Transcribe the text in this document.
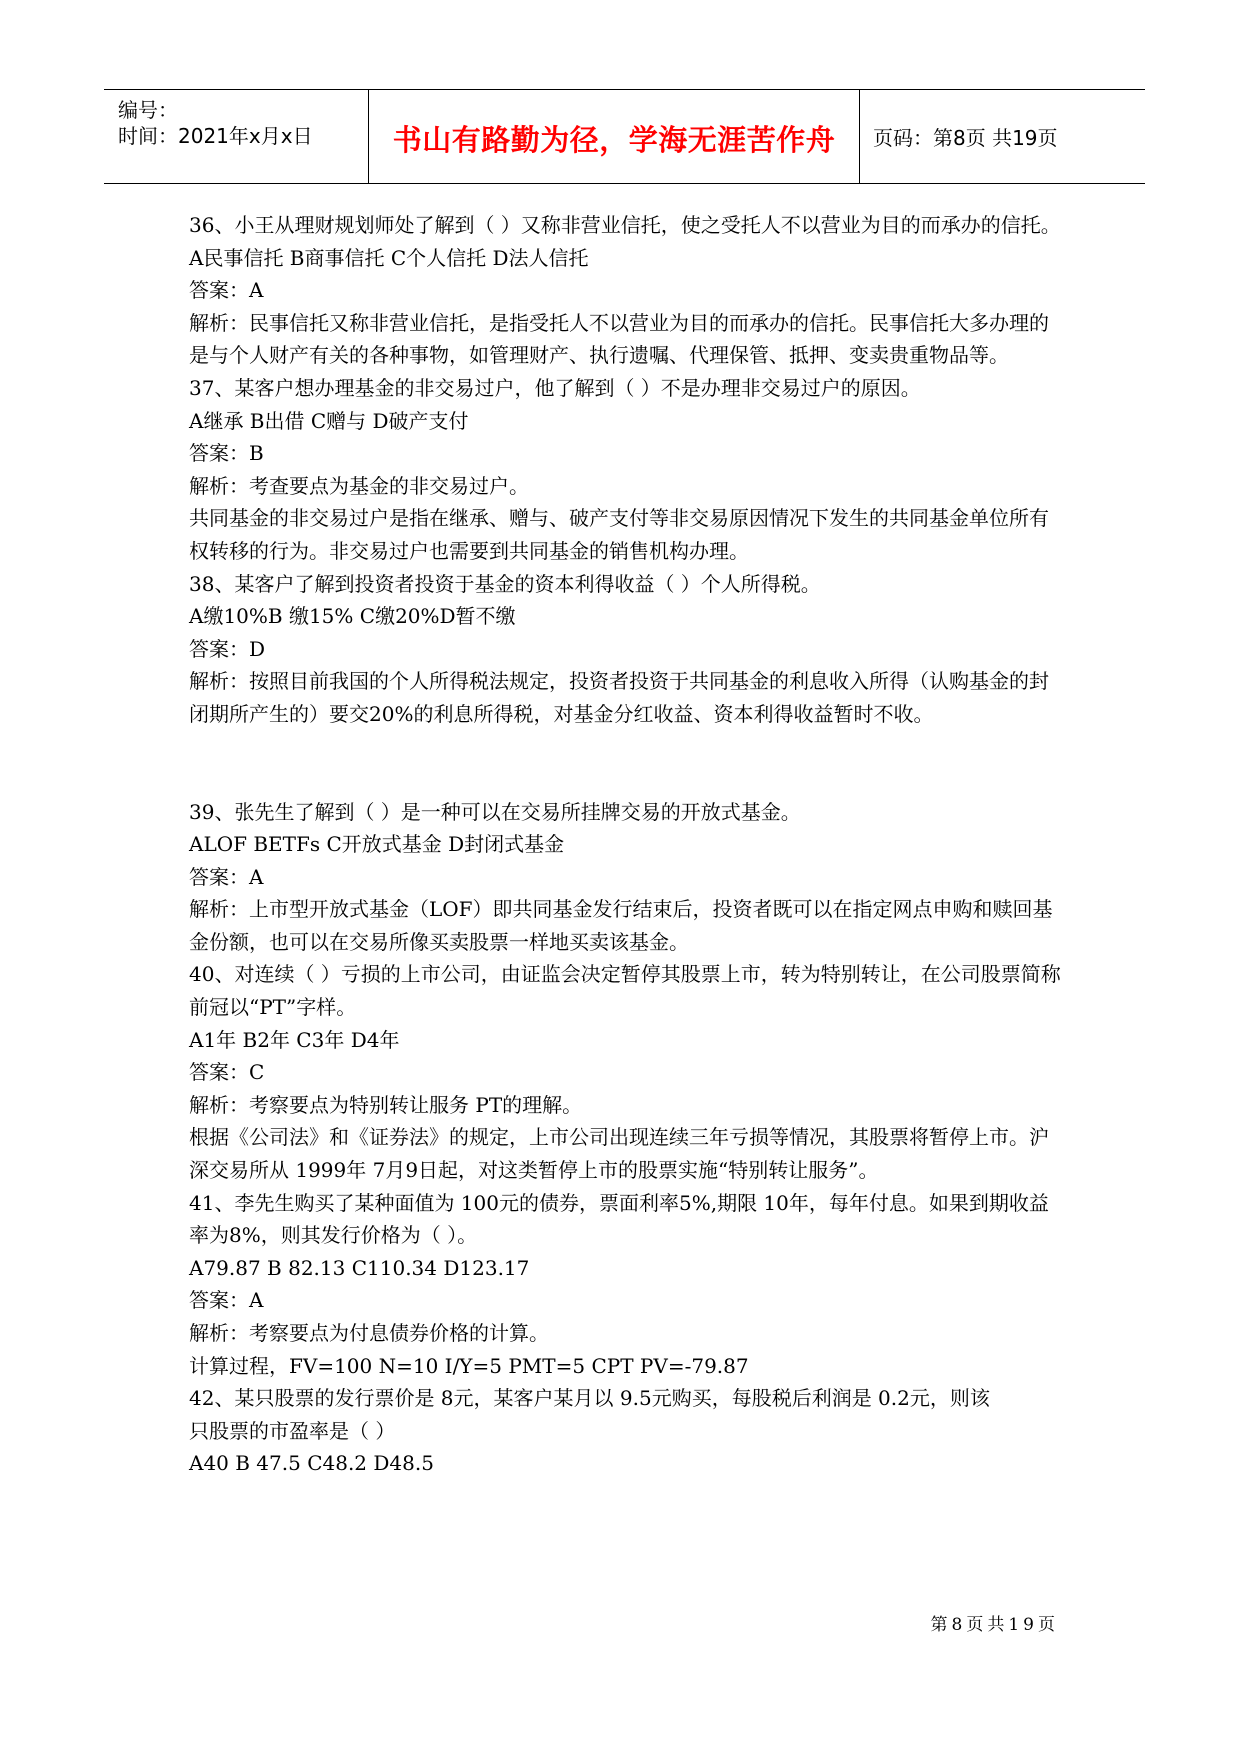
编号：
时间：2021年x月x日	书山有路勤为径，学海无涯苦作舟	页码：第8页 共19页

36、小王从理财规划师处了解到（ ）又称非营业信托，使之受托人不以营业为目的而承办的信托。

A民事信托 B商事信托 C个人信托 D法人信托

答案：A

解析：民事信托又称非营业信托，是指受托人不以营业为目的而承办的信托。民事信托大多办理的是与个人财产有关的各种事物，如管理财产、执行遗嘱、代理保管、抵押、变卖贵重物品等。

37、某客户想办理基金的非交易过户，他了解到（ ）不是办理非交易过户的原因。

A继承 B出借 C赠与 D破产支付

答案：B

解析：考查要点为基金的非交易过户。

共同基金的非交易过户是指在继承、赠与、破产支付等非交易原因情况下发生的共同基金单位所有权转移的行为。非交易过户也需要到共同基金的销售机构办理。

38、某客户了解到投资者投资于基金的资本利得收益（ ）个人所得税。

A缴10%B 缴15% C缴20%D暂不缴

答案：D

解析：按照目前我国的个人所得税法规定，投资者投资于共同基金的利息收入所得（认购基金的封闭期所产生的）要交20%的利息所得税，对基金分红收益、资本利得收益暂时不收。

39、张先生了解到（ ）是一种可以在交易所挂牌交易的开放式基金。

ALOF BETFs C开放式基金 D封闭式基金

答案：A

解析：上市型开放式基金（LOF）即共同基金发行结束后，投资者既可以在指定网点申购和赎回基金份额，也可以在交易所像买卖股票一样地买卖该基金。

40、对连续（ ）亏损的上市公司，由证监会决定暂停其股票上市，转为特别转让，在公司股票简称前冠以“PT”字样。

A1年 B2年 C3年 D4年

答案：C

解析：考察要点为特别转让服务 PT的理解。

根据《公司法》和《证券法》的规定，上市公司出现连续三年亏损等情况，其股票将暂停上市。沪深交易所从 1999年 7月9日起，对这类暂停上市的股票实施“特别转让服务”。

41、李先生购买了某种面值为 100元的债券，票面利率5%,期限 10年，每年付息。如果到期收益率为8%，则其发行价格为（ ）。

A79.87 B 82.13 C110.34 D123.17

答案：A

解析：考察要点为付息债券价格的计算。

计算过程，FV=100 N=10 I/Y=5 PMT=5 CPT PV=-79.87

42、某只股票的发行票价是 8元，某客户某月以 9.5元购买，每股税后利润是 0.2元，则该

只股票的市盈率是（ ）

A40 B 47.5 C48.2 D48.5

第8页共19页
